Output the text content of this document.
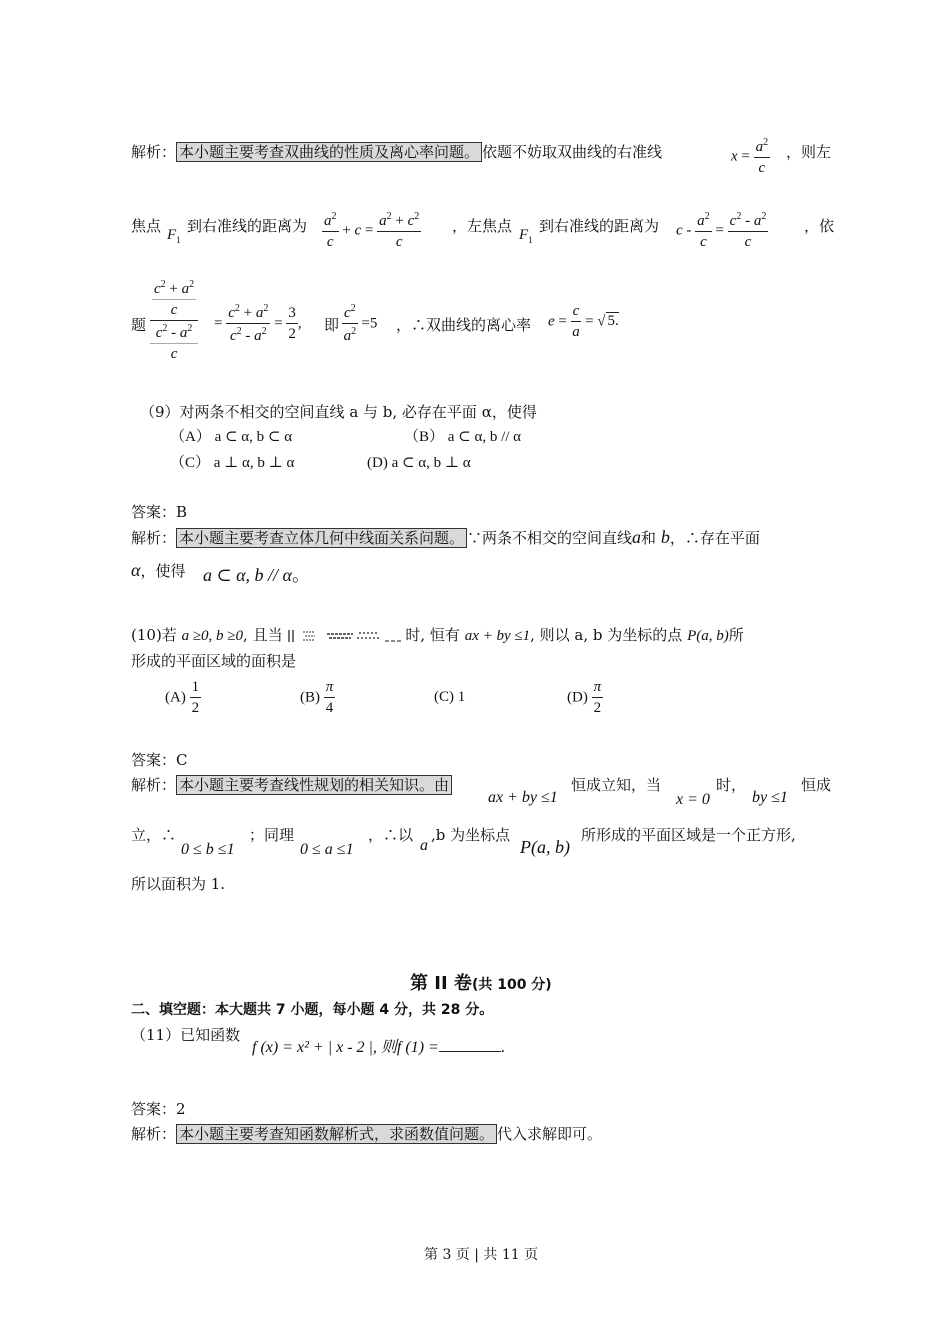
解析： 本小题主要考查双曲线的性质及离心率问题。 依题不妨取双曲线的右准线	$x = \frac{a^2}{c}$ ，则左
焦点 $F_1$
到右准线的距离为 $\frac{a^2}{c} + c = \frac{a^2 + c^2}{c}$ ，左焦点 $F_1$
到右准线的距离为 $c - \frac{a^2}{c} = \frac{c^2 - a^2}{c}$ ，依
题 $c^2 + a^2$
c
$c^2 - a^2$
$c = \frac{c^2 + a^2}{c^2 - a^2} = \frac{3}{2}$ , 即 $\frac{c^2}{a^2} =5$ ，∴双曲线的离心率 $e = \frac{c}{a}$ = √ 5.
（9）对两条不相交的空间直线 a 与 b, 必存在平面 α，使得
（A） a ⊂ α, b ⊂ α	（B） a ⊂ α, b // α
（C） a ⊥ α, b ⊥ α	(D) a ⊂ α, b ⊥ α
答案：B
解析： 本小题主要考查立体几何中线面关系问题。 ∵两条不相交的空间直线a和 b，∴存在平面
α，使得 a ⊂ α, b // α。
(10)若 a ≥0, b ≥0, 且当	时, 恒有 ax + by ≤1, 则以 a, b 为坐标的点 P(a, b)所
形成的平面区域的面积是
$(A) \frac{1}{2}$	$(B) \frac{\pi}{4}$	(C) 1	$(D) \frac{\pi}{2}$
答案：C
解析： 本小题主要考查线性规划的相关知识。由
ax + by ≤1
恒成立知，当
x = 0
时，
by ≤1
恒成
立，∴
0 ≤ b ≤1
；同理
0 ≤ a ≤1
，∴以
a
,b 为坐标点
P(a, b)
所形成的平面区域是一个正方形,
所以面积为 1.
第 II 卷(共 100 分)
二、填空题：本大题共 7 小题，每小题 4 分，共 28 分。
（11）已知函数
f (x) = x² + | x - 2 |, 则f (1) =	.
答案：2
解析： 本小题主要考查知函数解析式，求函数值问题。 代入求解即可。
第 3 页 | 共 11 页
